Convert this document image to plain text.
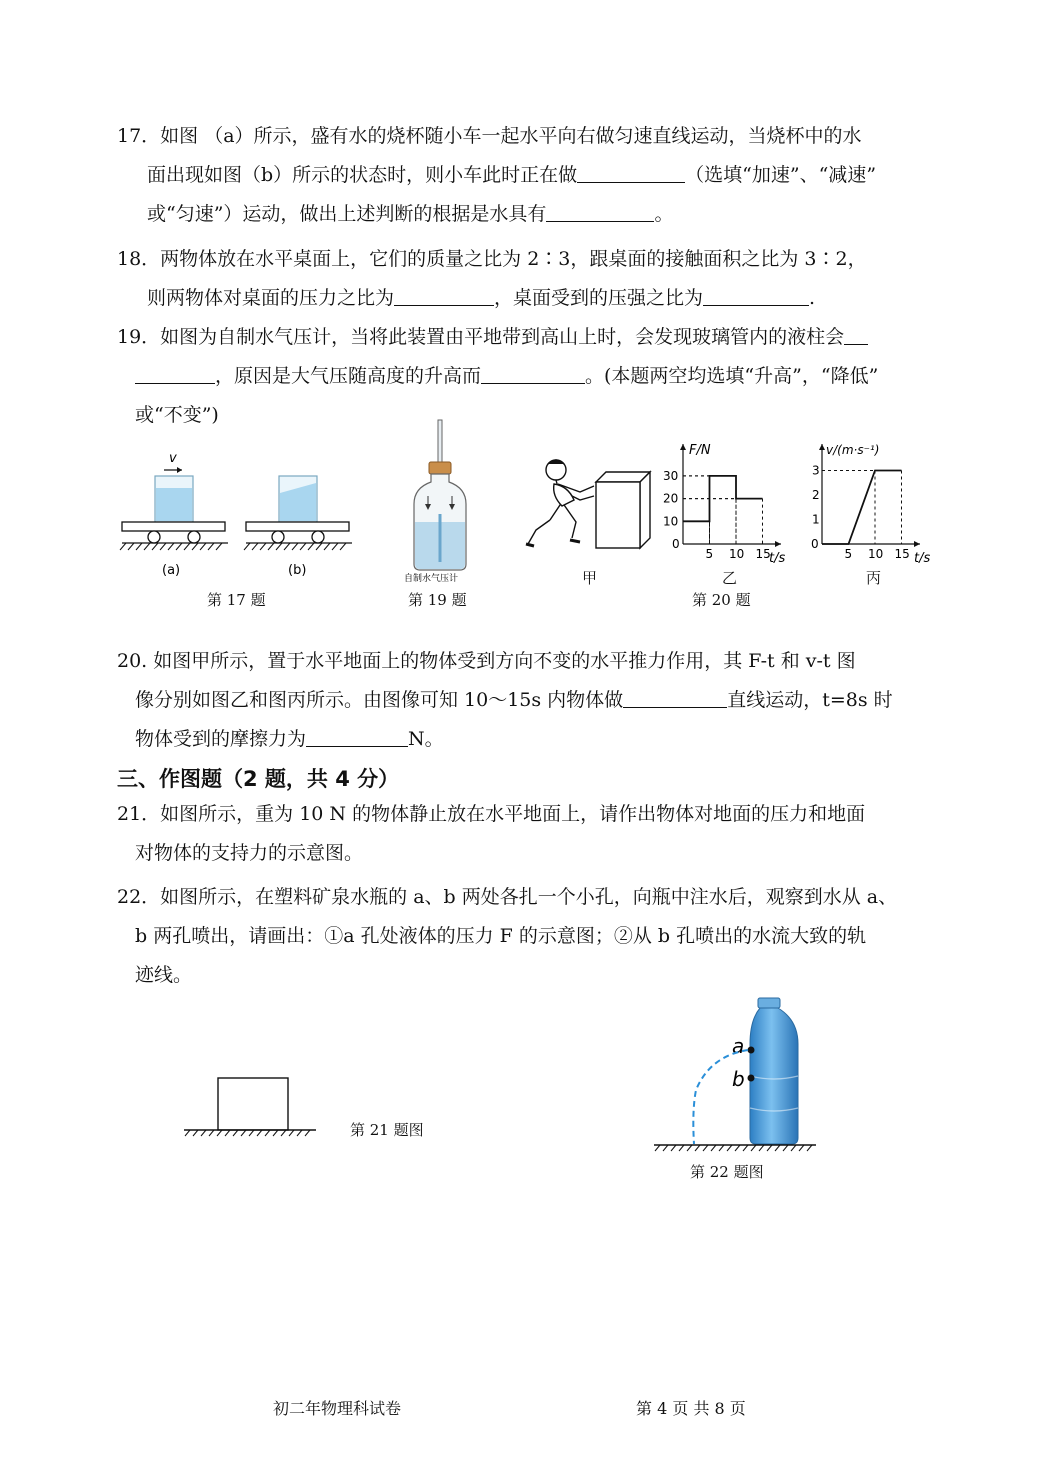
17．如图 （a）所示，盛有水的烧杯随小车一起水平向右做匀速直线运动，当烧杯中的水
面出现如图（b）所示的状态时，则小车此时正在做	（选填“加速”、“减速”
或“匀速”）运动，做出上述判断的根据是水具有	。
18．两物体放在水平桌面上，它们的质量之比为 2∶3，跟桌面的接触面积之比为 3∶2，
则两物体对桌面的压力之比为	，桌面受到的压强之比为	.
19．如图为自制水气压计，当将此装置由平地带到高山上时，会发现玻璃管内的液柱会
，原因是大气压随高度的升高而	。(本题两空均选填“升高”，“降低”
或“不变”)
v
(a)	(b)
第 17 题
自制水气压计
第 19 题
甲
F/N
t/s
0
5 10 15
10
20
30
乙
v/(m·s⁻¹)
t/s
0
5 10 15
1
2
3
丙
第 20 题
20. 如图甲所示，置于水平地面上的物体受到方向不变的水平推力作用，其 F-t 和 v-t 图
像分别如图乙和图丙所示。由图像可知 10～15s 内物体做	直线运动，t=8s 时
物体受到的摩擦力为	N。
三、作图题（2 题，共 4 分）
21．如图所示，重为 10 N 的物体静止放在水平地面上，请作出物体对地面的压力和地面
对物体的支持力的示意图。
22．如图所示，在塑料矿泉水瓶的 a、b 两处各扎一个小孔，向瓶中注水后，观察到水从 a、
b 两孔喷出，请画出：①a 孔处液体的压力 F 的示意图；②从 b 孔喷出的水流大致的轨
迹线。
第 21 题图
a
b
第 22 题图
初二年物理科试卷	第 4 页 共 8 页
